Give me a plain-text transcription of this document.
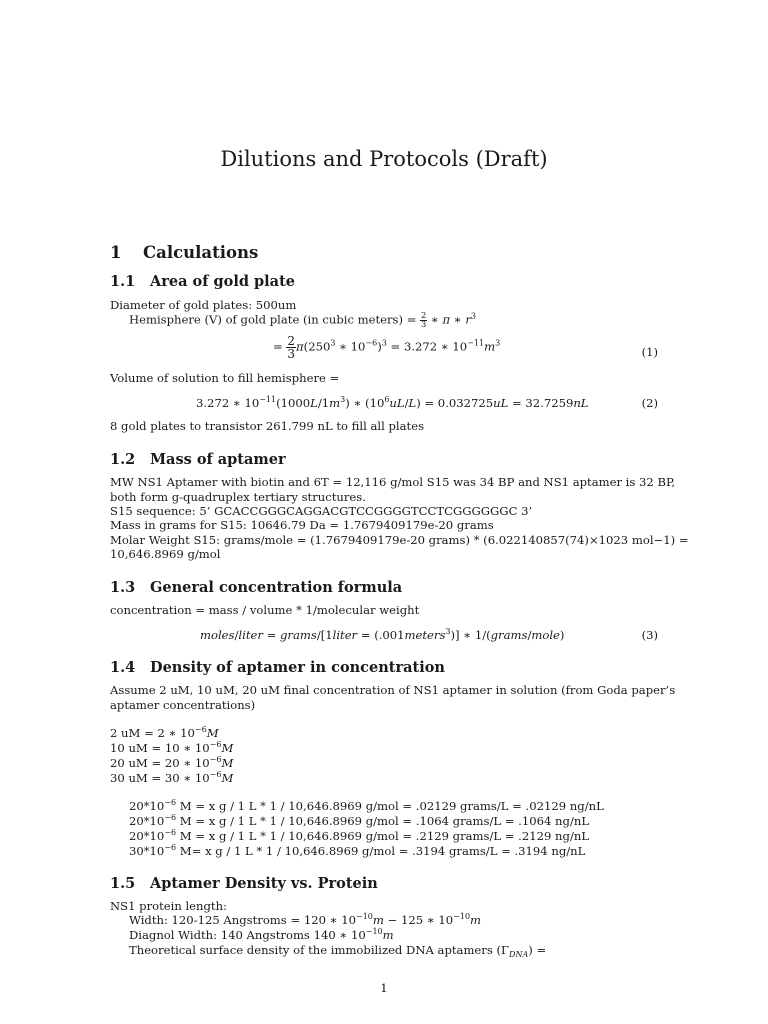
Dilutions and Protocols (Draft)
1 Calculations
1.1 Area of gold plate
Diameter of gold plates: 500um
Hemisphere (V) of gold plate (in cubic meters) = $\frac{2}{3}$ ∗ π ∗ $r^3$
= $\frac{2}{3} \pi(250^3$ ∗ $10^{-6})^3 = 3.272$ ∗ $10^{-11}m^3$
(1)
Volume of solution to fill hemisphere =
3.272 ∗ $10^{-11}(1000L/1m^3)$ ∗ $(10^6uL/L) = 0.032725uL = 32.7259nL$	(2)
8 gold plates to transistor 261.799 nL to fill all plates
1.2 Mass of aptamer
MW NS1 Aptamer with biotin and 6T = 12,116 g/mol S15 was 34 BP and NS1 aptamer is 32 BP,
both form g-quadruplex tertiary structures.
S15 sequence: 5’ GCACCGGGCAGGACGTCCGGGGTCCTCGGGGGGC 3’
Mass in grams for S15: 10646.79 Da = 1.7679409179e-20 grams
Molar Weight S15: grams/mole = (1.7679409179e-20 grams) * (6.022140857(74)×1023 mol−1) =
10,646.8969 g/mol
1.3 General concentration formula
concentration = mass / volume * 1/molecular weight
moles/liter = grams/[1liter = (.001meters$^3$)] ∗ 1/(grams/mole)	(3)
1.4 Density of aptamer in concentration
Assume 2 uM, 10 uM, 20 uM final concentration of NS1 aptamer in solution (from Goda paper’s
aptamer concentrations)
2 uM = 2 ∗ $10^{-6}M$
10 uM = 10 ∗ $10^{-6}M$
20 uM = 20 ∗ $10^{-6}M$
30 uM = 30 ∗ $10^{-6}M$
$20*10^{-6}$ M = x g / 1 L * 1 / 10,646.8969 g/mol = .02129 grams/L = .02129 ng/nL
$20*10^{-6}$ M = x g / 1 L * 1 / 10,646.8969 g/mol = .1064 grams/L = .1064 ng/nL
$20*10^{-6}$ M = x g / 1 L * 1 / 10,646.8969 g/mol = .2129 grams/L = .2129 ng/nL
$30*10^{-6}$ M= x g / 1 L * 1 / 10,646.8969 g/mol = .3194 grams/L = .3194 ng/nL
1.5 Aptamer Density vs. Protein
NS1 protein length:
Width: 120-125 Angstroms = 120 ∗ $10^{-10}m - 125$ ∗ $10^{-10}m$
Diagnol Width: 140 Angstroms 140 ∗ $10^{-10}m$
Theoretical surface density of the immobilized DNA aptamers $(\Gamma_{DNA})$ =
1
